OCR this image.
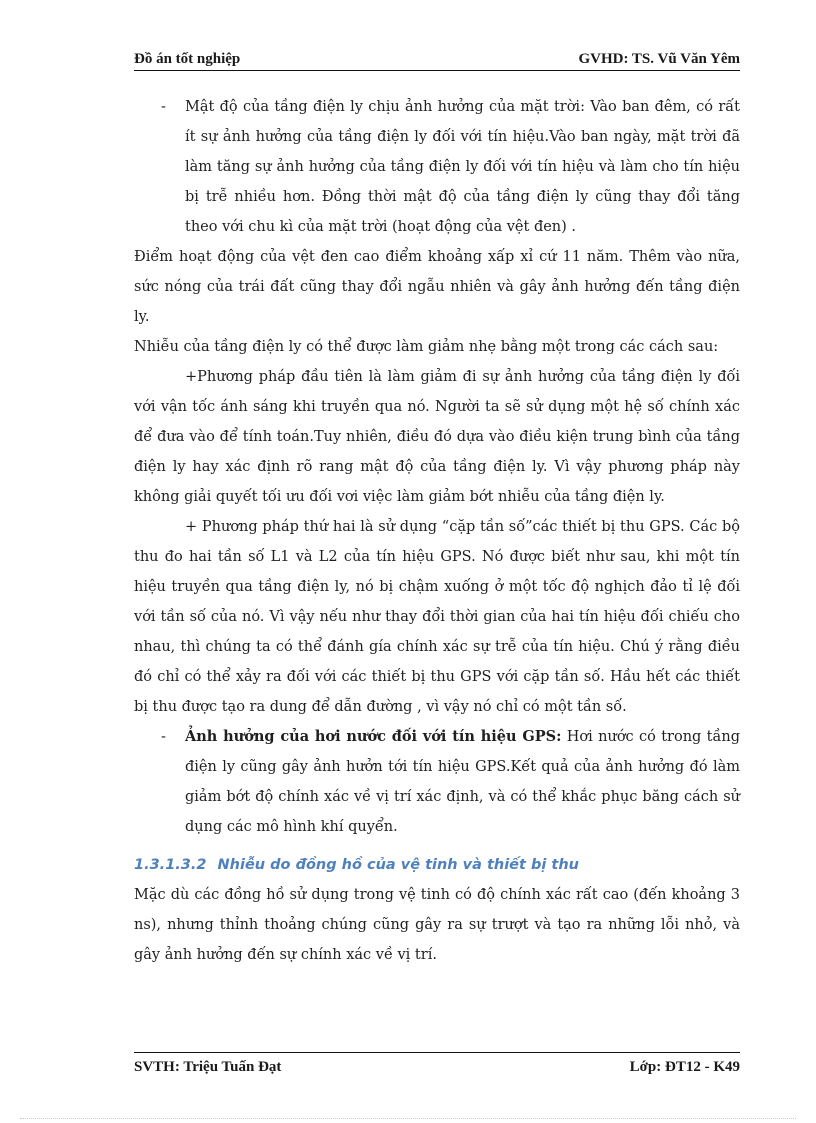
Đồ án tốt nghiệp	GVHD: TS. Vũ Văn Yêm

- Mật độ của tầng điện ly chịu ảnh hưởng của mặt trời: Vào ban đêm, có rất ít sự ảnh hưởng của tầng điện ly đối với tín hiệu.Vào ban ngày, mặt trời đã làm tăng sự ảnh hưởng của tầng điện ly đối với tín hiệu và làm cho tín hiệu bị trễ nhiều hơn. Đồng thời mật độ của tầng điện ly cũng thay đổi tăng theo với chu kì của mặt trời (hoạt động của vệt đen) .

Điểm hoạt động của vệt đen cao điểm khoảng xấp xỉ cứ 11 năm. Thêm vào nữa, sức nóng của trái đất cũng thay đổi ngẫu nhiên và gây ảnh hưởng đến tầng điện ly.

Nhiễu của tầng điện ly có thể được làm giảm nhẹ bằng một trong các cách sau:

+Phương pháp đầu tiên là làm giảm đi sự ảnh hưởng của tầng điện ly đối với vận tốc ánh sáng khi truyền qua nó. Người ta sẽ sử dụng một hệ số chính xác để đưa vào để tính toán.Tuy nhiên, điều đó dựa vào điều kiện trung bình của tầng điện ly hay xác định rõ rang mật độ của tầng điện ly. Vì vậy phương pháp này không giải quyết tối ưu đối vơi việc làm giảm bớt nhiễu của tầng điện ly.

+ Phương pháp thứ hai là sử dụng “cặp tần số”các thiết bị thu GPS. Các bộ thu đo hai tần số L1 và L2 của tín hiệu GPS. Nó được biết như sau, khi một tín hiệu truyền qua tầng điện ly, nó bị chậm xuống ở một tốc độ nghịch đảo tỉ lệ đối với tần số của nó. Vì vậy nếu như thay đổi thời gian của hai tín hiệu đối chiếu cho nhau, thì chúng ta có thể đánh gía chính xác sự trễ của tín hiệu. Chú ý rằng điều đó chỉ có thể xảy ra đối với các thiết bị thu GPS với cặp tần số. Hầu hết các thiết bị thu được tạo ra dung để dẫn đường , vì vậy nó chỉ có một tần số.

- Ảnh hưởng của hơi nước đối với tín hiệu GPS: Hơi nước có trong tầng điện ly cũng gây ảnh hưởn tới tín hiệu GPS.Kết quả của ảnh hưởng đó làm giảm bớt độ chính xác về vị trí xác định, và có thể khắc phục băng cách sử dụng các mô hình khí quyển.

1.3.1.3.2 Nhiễu do đồng hồ của vệ tinh và thiết bị thu

Mặc dù các đồng hồ sử dụng trong vệ tinh có độ chính xác rất cao (đến khoảng 3 ns), nhưng thỉnh thoảng chúng cũng gây ra sự trượt và tạo ra những lỗi nhỏ, và gây ảnh hưởng đến sự chính xác về vị trí.

SVTH: Triệu Tuấn Đạt	Lớp: ĐT12 - K49
